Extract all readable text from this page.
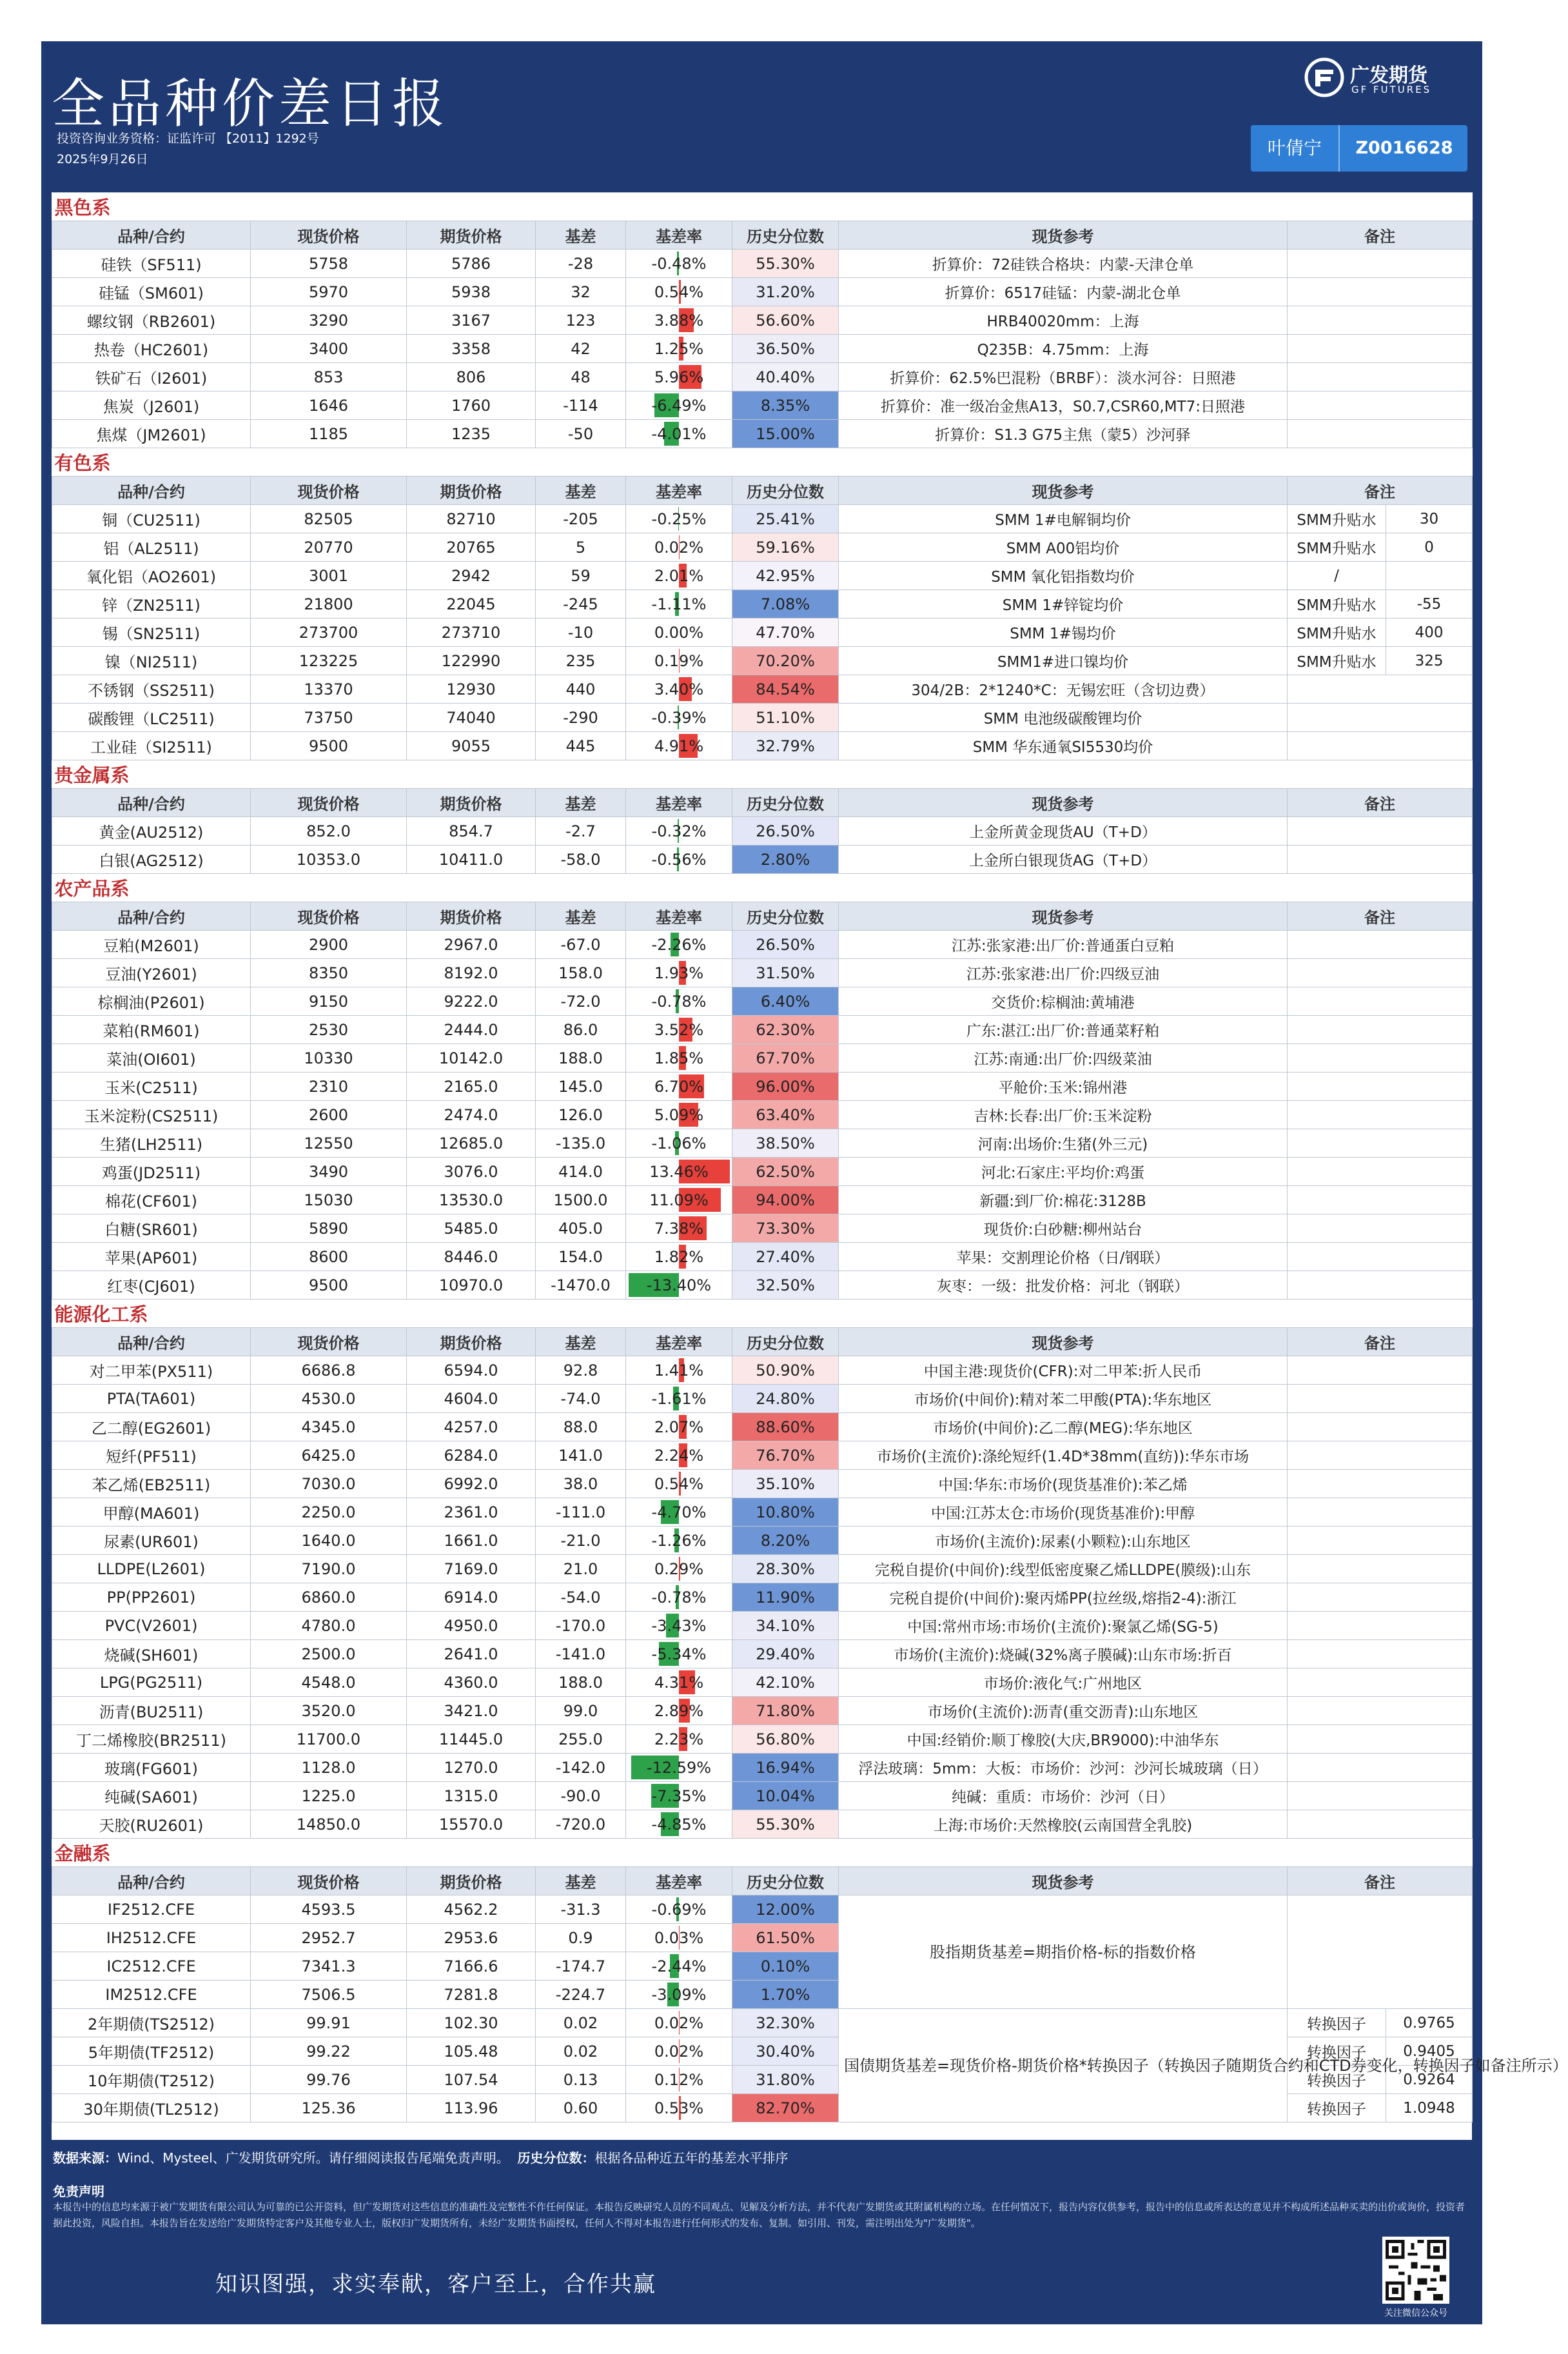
全品种价差日报
投资咨询业务资格：证监许可 【2011】1292号
2025年9月26日
广发期货
GF FUTURES
叶倩宁	Z0016628
黑色系								
品种/合约	现货价格	期货价格	基差	基差率	历史分位数	现货参考	备注	
硅铁（SF511)	5758	5786	-28	-0.48%	55.30%	折算价：72硅铁合格块：内蒙-天津仓单		
硅锰（SM601)	5970	5938	32	0.54%	31.20%	折算价：6517硅锰：内蒙-湖北仓单		
螺纹钢（RB2601)	3290	3167	123	3.88%	56.60%	HRB40020mm：上海		
热卷（HC2601)	3400	3358	42	1.25%	36.50%	Q235B：4.75mm：上海		
铁矿石（I2601)	853	806	48	5.96%	40.40%	折算价：62.5%巴混粉（BRBF）：淡水河谷：日照港		
焦炭（J2601)	1646	1760	-114	-6.49%	8.35%	折算价：准一级冶金焦A13，S0.7,CSR60,MT7:日照港		
焦煤（JM2601)	1185	1235	-50	-4.01%	15.00%	折算价：S1.3 G75主焦（蒙5）沙河驿		
有色系								
品种/合约	现货价格	期货价格	基差	基差率	历史分位数	现货参考	备注	
铜（CU2511)	82505	82710	-205	-0.25%	25.41%	SMM 1#电解铜均价	SMM升贴水	30
铝（AL2511)	20770	20765	5	0.02%	59.16%	SMM A00铝均价	SMM升贴水	0
氧化铝（AO2601)	3001	2942	59	2.01%	42.95%	SMM 氧化铝指数均价	/	
锌（ZN2511)	21800	22045	-245	-1.11%	7.08%	SMM 1#锌锭均价	SMM升贴水	-55
锡（SN2511)	273700	273710	-10	0.00%	47.70%	SMM 1#锡均价	SMM升贴水	400
镍（NI2511)	123225	122990	235	0.19%	70.20%	SMM1#进口镍均价	SMM升贴水	325
不锈钢（SS2511)	13370	12930	440	3.40%	84.54%	304/2B：2*1240*C：无锡宏旺（含切边费）		
碳酸锂（LC2511)	73750	74040	-290	-0.39%	51.10%	SMM 电池级碳酸锂均价		
工业硅（SI2511)	9500	9055	445	4.91%	32.79%	SMM 华东通氧SI5530均价		
贵金属系								
品种/合约	现货价格	期货价格	基差	基差率	历史分位数	现货参考	备注	
黄金(AU2512)	852.0	854.7	-2.7	-0.32%	26.50%	上金所黄金现货AU（T+D）		
白银(AG2512)	10353.0	10411.0	-58.0	-0.56%	2.80%	上金所白银现货AG（T+D）		
农产品系								
品种/合约	现货价格	期货价格	基差	基差率	历史分位数	现货参考	备注	
豆粕(M2601)	2900	2967.0	-67.0	-2.26%	26.50%	江苏:张家港:出厂价:普通蛋白豆粕		
豆油(Y2601)	8350	8192.0	158.0	1.93%	31.50%	江苏:张家港:出厂价:四级豆油		
棕榈油(P2601)	9150	9222.0	-72.0	-0.78%	6.40%	交货价:棕榈油:黄埔港		
菜粕(RM601)	2530	2444.0	86.0	3.52%	62.30%	广东:湛江:出厂价:普通菜籽粕		
菜油(OI601)	10330	10142.0	188.0	1.85%	67.70%	江苏:南通:出厂价:四级菜油		
玉米(C2511)	2310	2165.0	145.0	6.70%	96.00%	平舱价:玉米:锦州港		
玉米淀粉(CS2511)	2600	2474.0	126.0	5.09%	63.40%	吉林:长春:出厂价:玉米淀粉		
生猪(LH2511)	12550	12685.0	-135.0	-1.06%	38.50%	河南:出场价:生猪(外三元)		
鸡蛋(JD2511)	3490	3076.0	414.0	13.46%	62.50%	河北:石家庄:平均价:鸡蛋		
棉花(CF601)	15030	13530.0	1500.0	11.09%	94.00%	新疆:到厂价:棉花:3128B		
白糖(SR601)	5890	5485.0	405.0	7.38%	73.30%	现货价:白砂糖:柳州站台		
苹果(AP601)	8600	8446.0	154.0	1.82%	27.40%	苹果：交割理论价格（日/钢联）		
红枣(CJ601)	9500	10970.0	-1470.0	-13.40%	32.50%	灰枣：一级：批发价格：河北（钢联）		
能源化工系								
品种/合约	现货价格	期货价格	基差	基差率	历史分位数	现货参考	备注	
对二甲苯(PX511)	6686.8	6594.0	92.8	1.41%	50.90%	中国主港:现货价(CFR):对二甲苯:折人民币		
PTA(TA601)	4530.0	4604.0	-74.0	-1.61%	24.80%	市场价(中间价):精对苯二甲酸(PTA):华东地区		
乙二醇(EG2601)	4345.0	4257.0	88.0	2.07%	88.60%	市场价(中间价):乙二醇(MEG):华东地区		
短纤(PF511)	6425.0	6284.0	141.0	2.24%	76.70%	市场价(主流价):涤纶短纤(1.4D*38mm(直纺)):华东市场		
苯乙烯(EB2511)	7030.0	6992.0	38.0	0.54%	35.10%	中国:华东:市场价(现货基准价):苯乙烯		
甲醇(MA601)	2250.0	2361.0	-111.0	-4.70%	10.80%	中国:江苏太仓:市场价(现货基准价):甲醇		
尿素(UR601)	1640.0	1661.0	-21.0	-1.26%	8.20%	市场价(主流价):尿素(小颗粒):山东地区		
LLDPE(L2601)	7190.0	7169.0	21.0	0.29%	28.30%	完税自提价(中间价):线型低密度聚乙烯LLDPE(膜级):山东		
PP(PP2601)	6860.0	6914.0	-54.0	-0.78%	11.90%	完税自提价(中间价):聚丙烯PP(拉丝级,熔指2-4):浙江		
PVC(V2601)	4780.0	4950.0	-170.0	-3.43%	34.10%	中国:常州市场:市场价(主流价):聚氯乙烯(SG-5)		
烧碱(SH601)	2500.0	2641.0	-141.0	-5.34%	29.40%	市场价(主流价):烧碱(32%离子膜碱):山东市场:折百		
LPG(PG2511)	4548.0	4360.0	188.0	4.31%	42.10%	市场价:液化气:广州地区		
沥青(BU2511)	3520.0	3421.0	99.0	2.89%	71.80%	市场价(主流价):沥青(重交沥青):山东地区		
丁二烯橡胶(BR2511)	11700.0	11445.0	255.0	2.23%	56.80%	中国:经销价:顺丁橡胶(大庆,BR9000):中油华东		
玻璃(FG601)	1128.0	1270.0	-142.0	-12.59%	16.94%	浮法玻璃：5mm：大板：市场价：沙河：沙河长城玻璃（日）		
纯碱(SA601)	1225.0	1315.0	-90.0	-7.35%	10.04%	纯碱：重质：市场价：沙河（日）		
天胶(RU2601)	14850.0	15570.0	-720.0	-4.85%	55.30%	上海:市场价:天然橡胶(云南国营全乳胶)		
金融系								
品种/合约	现货价格	期货价格	基差	基差率	历史分位数	现货参考	备注	
IF2512.CFE	4593.5	4562.2	-31.3	-0.69%	12.00%	股指期货基差=期指价格-标的指数价格		
IH2512.CFE	2952.7	2953.6	0.9	0.03%	61.50%			
IC2512.CFE	7341.3	7166.6	-174.7	-2.44%	0.10%			
IM2512.CFE	7506.5	7281.8	-224.7	-3.09%	1.70%			
2年期债(TS2512)	99.91	102.30	0.02	0.02%	32.30%	国债期货基差=现货价格-期货价格*转换因子（转换因子随期货合约和CTD券变化，转换因子如备注所示）	转换因子	0.9765
5年期债(TF2512)	99.22	105.48	0.02	0.02%	30.40%		转换因子	0.9405
10年期债(T2512)	99.76	107.54	0.13	0.12%	31.80%		转换因子	0.9264
30年期债(TL2512)	125.36	113.96	0.60	0.53%	82.70%		转换因子	1.0948
数据来源：Wind、Mysteel、广发期货研究所。请仔细阅读报告尾端免责声明。 历史分位数：根据各品种近五年的基差水平排序
免责声明
本报告中的信息均来源于被广发期货有限公司认为可靠的已公开资料，但广发期货对这些信息的准确性及完整性不作任何保证。本报告反映研究人员的不同观点、见解及分析方法，并不代表广发期货或其附属机构的立场。在任何情况下，报告内容仅供参考，报告中的信息或所表达的意见并不构成所述品种买卖的出价或询价，投资者据此投资，风险自担。本报告旨在发送给广发期货特定客户及其他专业人士，版权归广发期货所有，未经广发期货书面授权，任何人不得对本报告进行任何形式的发布、复制。如引用、刊发，需注明出处为"广发期货"。
知识图强，求实奉献，客户至上，合作共赢
关注微信公众号
